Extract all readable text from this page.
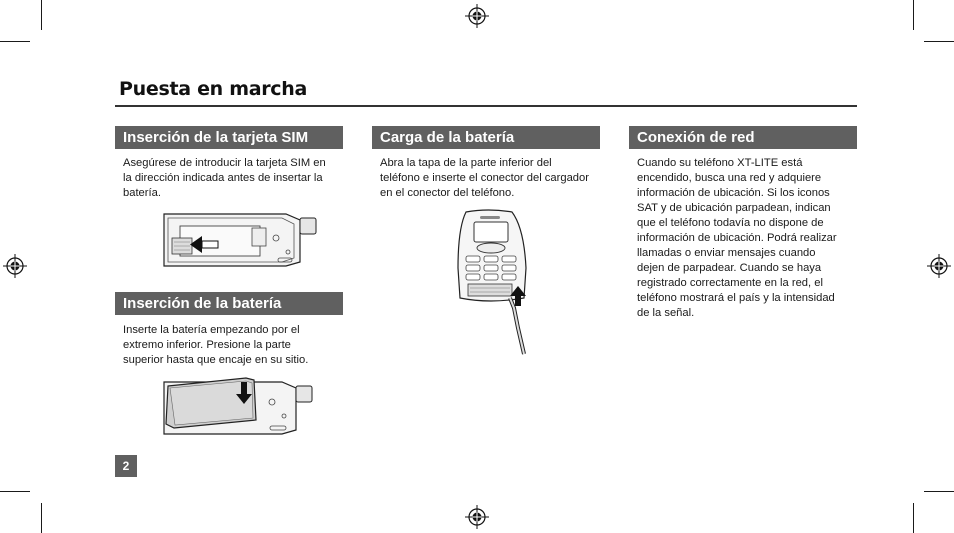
Puesta en marcha
Inserción de la tarjeta SIM
Asegúrese de introducir la tarjeta SIM en
la dirección indicada antes de insertar la
batería.
Inserción de la batería
Inserte la batería empezando por el
extremo inferior. Presione la parte
superior hasta que encaje en su sitio.
Carga de la batería
Abra la tapa de la parte inferior del
teléfono e inserte el conector del cargador
en el conector del teléfono.
Conexión de red
Cuando su teléfono XT-LITE está
encendido, busca una red y adquiere
información de ubicación. Si los iconos
SAT y de ubicación parpadean, indican
que el teléfono todavía no dispone de
información de ubicación. Podrá realizar
llamadas o enviar mensajes cuando
dejen de parpadear. Cuando se haya
registrado correctamente en la red, el
teléfono mostrará el país y la intensidad
de la señal.
2
